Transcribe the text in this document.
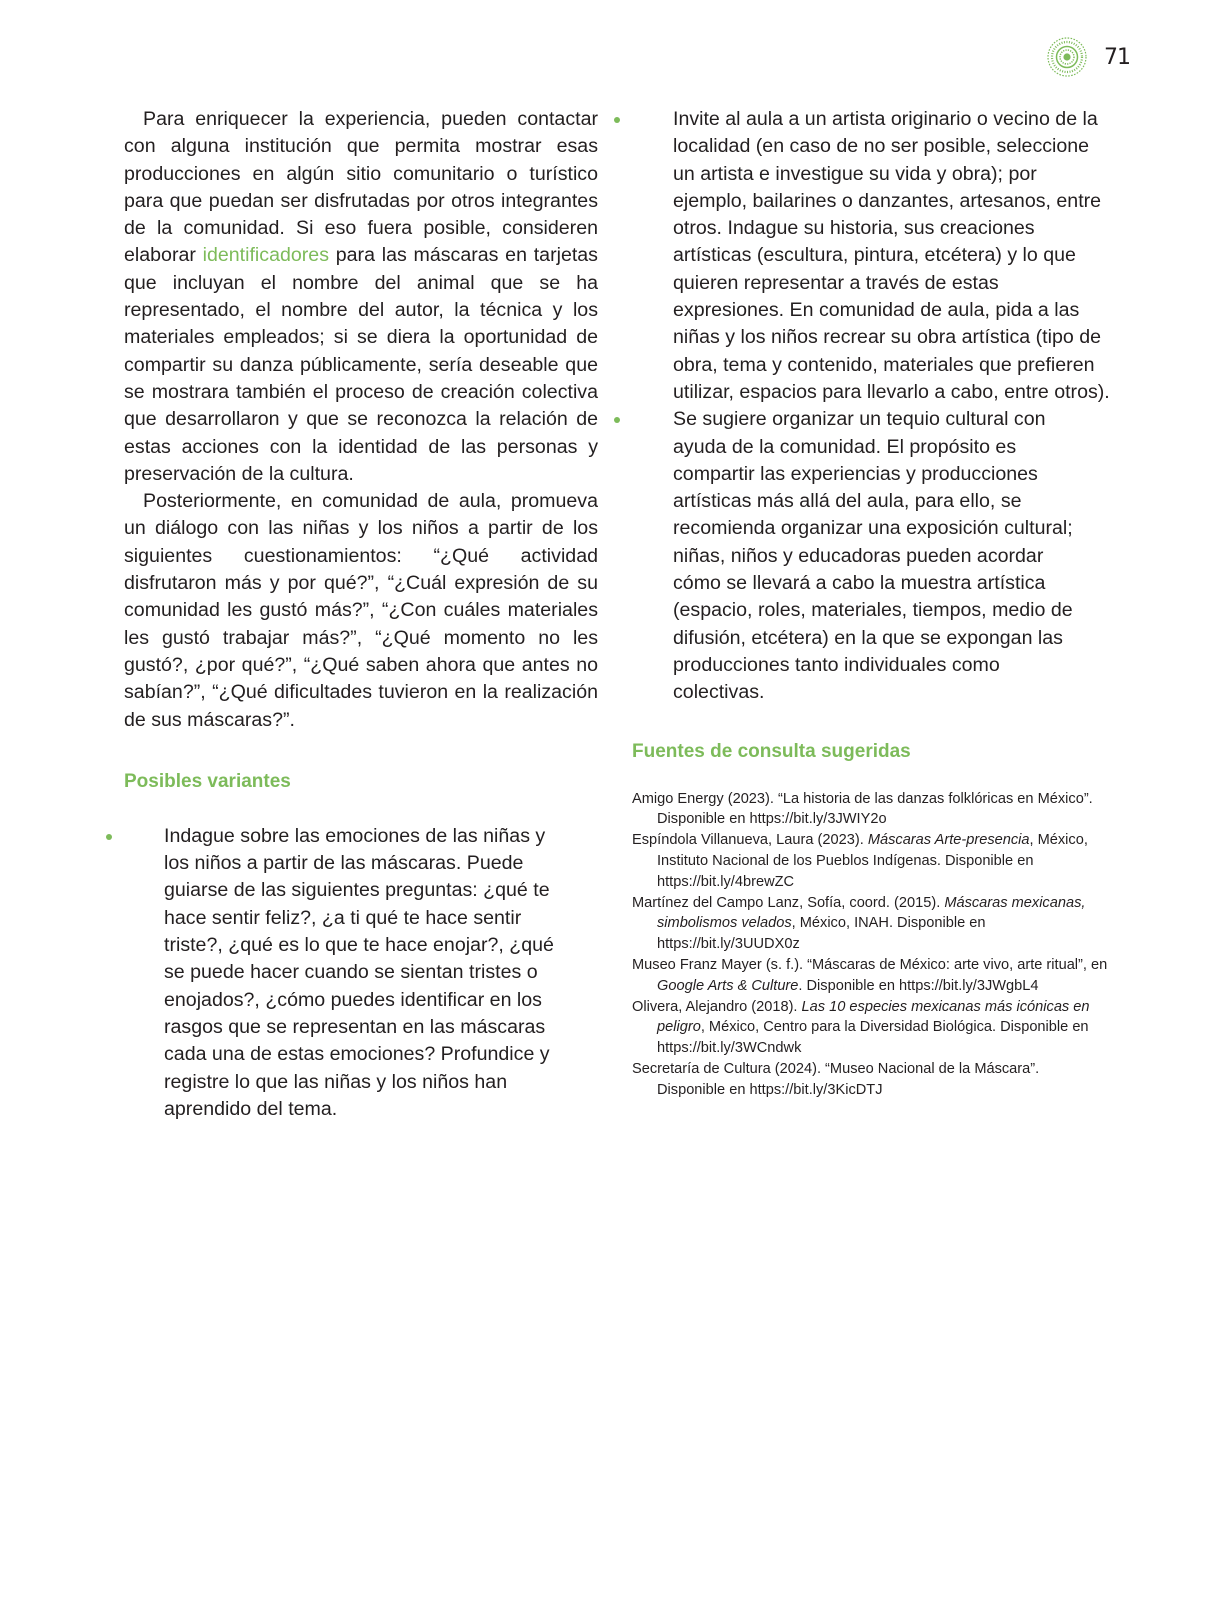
71

Para enriquecer la experiencia, pueden contactar con alguna institución que permita mostrar esas producciones en algún sitio comunitario o turístico para que puedan ser disfrutadas por otros integrantes de la comunidad. Si eso fuera posible, consideren elaborar identificadores para las máscaras en tarjetas que incluyan el nombre del animal que se ha representado, el nombre del autor, la técnica y los materiales empleados; si se diera la oportunidad de compartir su danza públicamente, sería deseable que se mostrara también el proceso de creación colectiva que desarrollaron y que se reconozca la relación de estas acciones con la identidad de las personas y preservación de la cultura.

Posteriormente, en comunidad de aula, promueva un diálogo con las niñas y los niños a partir de los siguientes cuestionamientos: “¿Qué actividad disfrutaron más y por qué?”, “¿Cuál expresión de su comunidad les gustó más?”, “¿Con cuáles materiales les gustó trabajar más?”, “¿Qué momento no les gustó?, ¿por qué?”, “¿Qué saben ahora que antes no sabían?”, “¿Qué dificultades tuvieron en la realización de sus máscaras?”.

Posibles variantes
Indague sobre las emociones de las niñas y los niños a partir de las máscaras. Puede guiarse de las siguientes preguntas: ¿qué te hace sentir feliz?, ¿a ti qué te hace sentir triste?, ¿qué es lo que te hace enojar?, ¿qué se puede hacer cuando se sientan tristes o enojados?, ¿cómo puedes identificar en los rasgos que se representan en las máscaras cada una de estas emociones? Profundice y registre lo que las niñas y los niños han aprendido del tema.
Invite al aula a un artista originario o vecino de la localidad (en caso de no ser posible, seleccione un artista e investigue su vida y obra); por ejemplo, bailarines o danzantes, artesanos, entre otros. Indague su historia, sus creaciones artísticas (escultura, pintura, etcétera) y lo que quieren representar a través de estas expresiones. En comunidad de aula, pida a las niñas y los niños recrear su obra artística (tipo de obra, tema y contenido, materiales que prefieren utilizar, espacios para llevarlo a cabo, entre otros).
Se sugiere organizar un tequio cultural con ayuda de la comunidad. El propósito es compartir las experiencias y producciones artísticas más allá del aula, para ello, se recomienda organizar una exposición cultural; niñas, niños y educadoras pueden acordar cómo se llevará a cabo la muestra artística (espacio, roles, materiales, tiempos, medio de difusión, etcétera) en la que se expongan las producciones tanto individuales como colectivas.
Fuentes de consulta sugeridas
Amigo Energy (2023). “La historia de las danzas folklóricas en México”. Disponible en https://bit.ly/3JWIY2o
Espíndola Villanueva, Laura (2023). Máscaras Arte-presencia, México, Instituto Nacional de los Pueblos Indígenas. Disponible en https://bit.ly/4brewZC
Martínez del Campo Lanz, Sofía, coord. (2015). Máscaras mexicanas, simbolismos velados, México, INAH. Disponible en https://bit.ly/3UUDX0z
Museo Franz Mayer (s. f.). “Máscaras de México: arte vivo, arte ritual”, en Google Arts & Culture. Disponible en https://bit.ly/3JWgbL4
Olivera, Alejandro (2018). Las 10 especies mexicanas más icónicas en peligro, México, Centro para la Diversidad Biológica. Disponible en https://bit.ly/3WCndwk
Secretaría de Cultura (2024). “Museo Nacional de la Máscara”. Disponible en https://bit.ly/3KicDTJ
